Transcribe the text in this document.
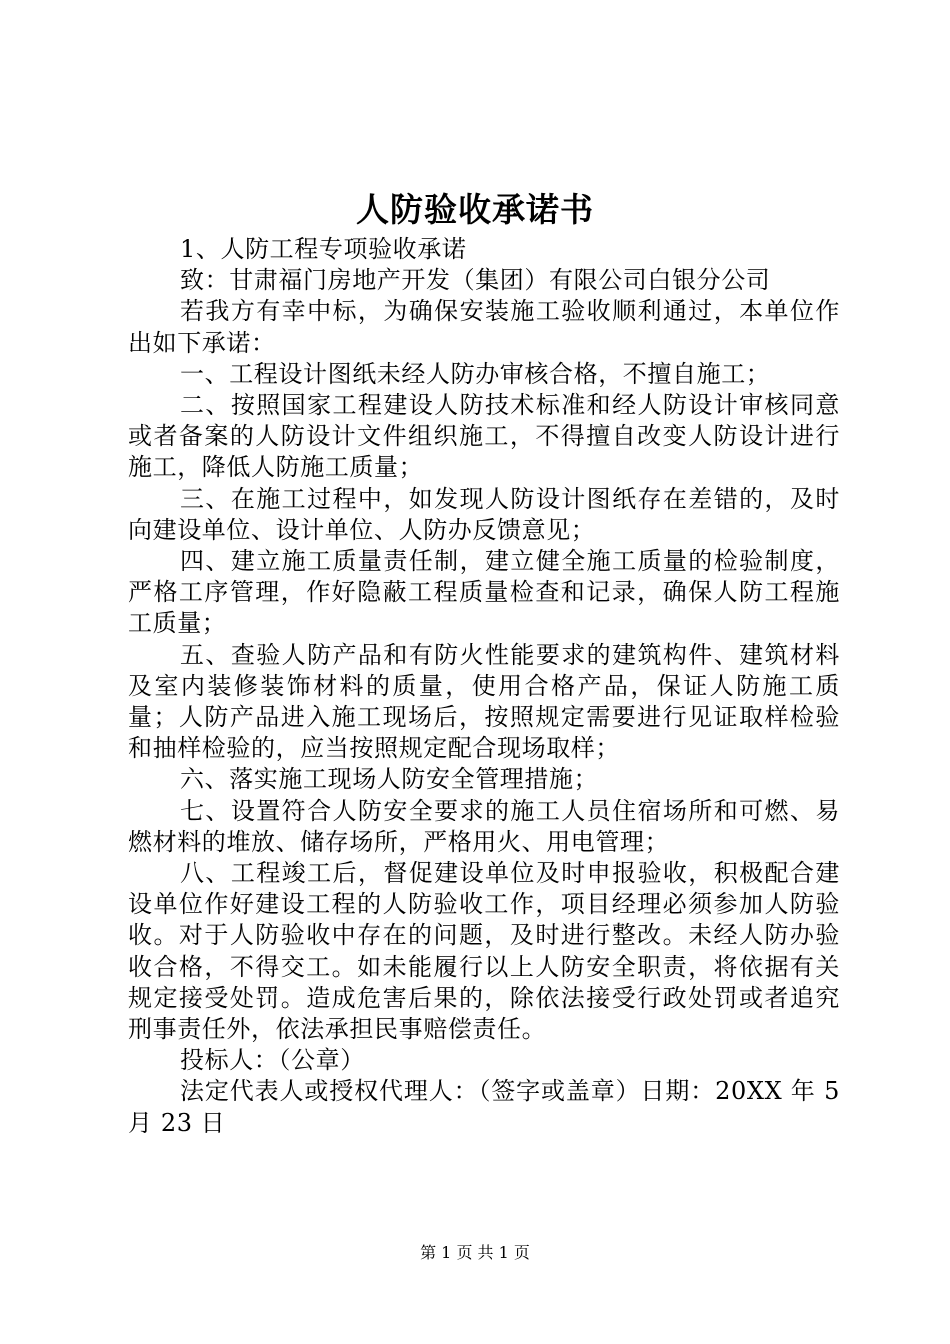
人防验收承诺书

1、人防工程专项验收承诺

致：甘肃福门房地产开发（集团）有限公司白银分公司

若我方有幸中标，为确保安装施工验收顺利通过，本单位作出如下承诺：

一、工程设计图纸未经人防办审核合格，不擅自施工；

二、按照国家工程建设人防技术标准和经人防设计审核同意或者备案的人防设计文件组织施工，不得擅自改变人防设计进行施工，降低人防施工质量；

三、在施工过程中，如发现人防设计图纸存在差错的，及时向建设单位、设计单位、人防办反馈意见；

四、建立施工质量责任制，建立健全施工质量的检验制度，严格工序管理，作好隐蔽工程质量检查和记录，确保人防工程施工质量；

五、查验人防产品和有防火性能要求的建筑构件、建筑材料及室内装修装饰材料的质量，使用合格产品，保证人防施工质量；人防产品进入施工现场后，按照规定需要进行见证取样检验和抽样检验的，应当按照规定配合现场取样；

六、落实施工现场人防安全管理措施；

七、设置符合人防安全要求的施工人员住宿场所和可燃、易燃材料的堆放、储存场所，严格用火、用电管理；

八、工程竣工后，督促建设单位及时申报验收，积极配合建设单位作好建设工程的人防验收工作，项目经理必须参加人防验收。对于人防验收中存在的问题，及时进行整改。未经人防办验收合格，不得交工。如未能履行以上人防安全职责，将依据有关规定接受处罚。造成危害后果的，除依法接受行政处罚或者追究刑事责任外，依法承担民事赔偿责任。

投标人：（公章）

法定代表人或授权代理人：（签字或盖章）日期：20XX 年 5 月 23 日

第 1 页 共 1 页
